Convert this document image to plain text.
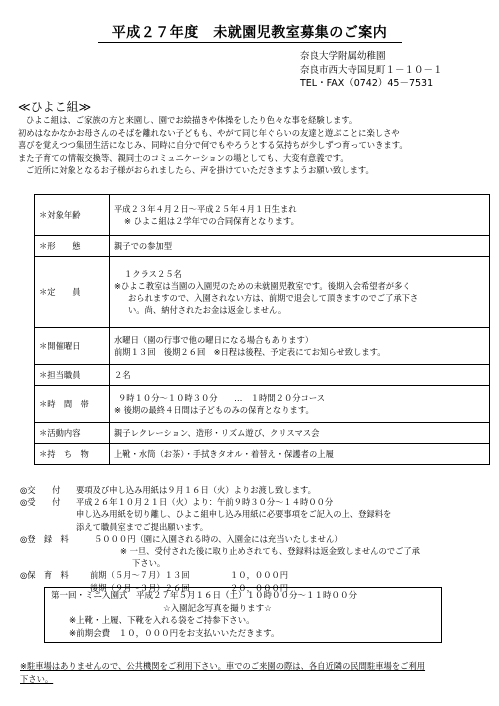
平成２７年度　未就園児教室募集のご案内
奈良大学附属幼稚園
奈良市西大寺国見町１－１０－１
TEL・FAX（0742）45－7531
≪ひよこ組≫

ひよこ組は、ご家族の方と来園し、園でお絵描きや体操をしたり色々な事を経験します。

初めはなかなかお母さんのそばを離れない子どもも、やがて同じ年ぐらいの友達と遊ぶことに楽しさや

喜びを覚えつつ集団生活になじみ、同時に自分で何でもやろうとする気持ちが少しずつ育っていきます。

また子育ての情報交換等、親同士のコミュニケーションの場としても、大変有意義です。

ご近所に対象となるお子様がおられましたら、声を掛けていただきますようお願い致します。

＊対象年齢	平成２３年４月２日～平成２５年４月１日生まれ
※ ひよこ組は２学年での合同保育となります。

＊形　　態	親子での参加型

＊定　　員	１クラス２５名
※ひよこ教室は当園の入園児のための未就園児教室です。後期入会希望者が多く
おられますので、入園されない方は、前期で退会して頂きますのでご了承下さ
い。尚、納付されたお金は返金しません。

＊開催曜日	水曜日（園の行事で他の曜日になる場合もあります）
前期１３回　後期２６回　※日程は後程、予定表にてお知らせ致します。

＊担当職員	２名

＊時　間　帯	９時１０分～１０時３０分　　…　１時間２０分コース
※ 後期の最終４日間は子どものみの保育となります。

＊活動内容	親子レクレーション、造形・リズム遊び、クリスマス会

＊持　ち　物	上靴・水筒（お茶）・手拭きタオル・着替え・保護者の上履
◎交　　付 要項及び申し込み用紙は９月１６日（火）よりお渡し致します。
◎受　　付 平成２６年１０月２１日（火）より：午前９時３０分～１４時００分
申し込み用紙を切り離し、ひよこ組申し込み用紙に必要事項をご記入の上、登録料を
添えて職員室までご提出願います。
◎登　録　料	５０００円（園に入園される時の、入園金には充当いたしません）
※ 一旦、受付された後に取り止めされても、登録料は返金致しませんのでご了承
下さい。
◎保　育　料	前期（５月～７月）１３回	１０，０００円
後期（９月～３月）２６回	２０，０００円

第一回・ミニ入園式　平成２７年５月１６日（土）１０時００分～１１時００分
☆入園記念写真を撮ります☆
※上靴・上履、下靴を入れる袋をご持参下さい。
※前期会費　１０，０００円をお支払いいただきます。
※駐車場はありませんので、公共機関をご利用下さい。車でのご来園の際は、各自近隣の民間駐車場をご利用
下さい。
